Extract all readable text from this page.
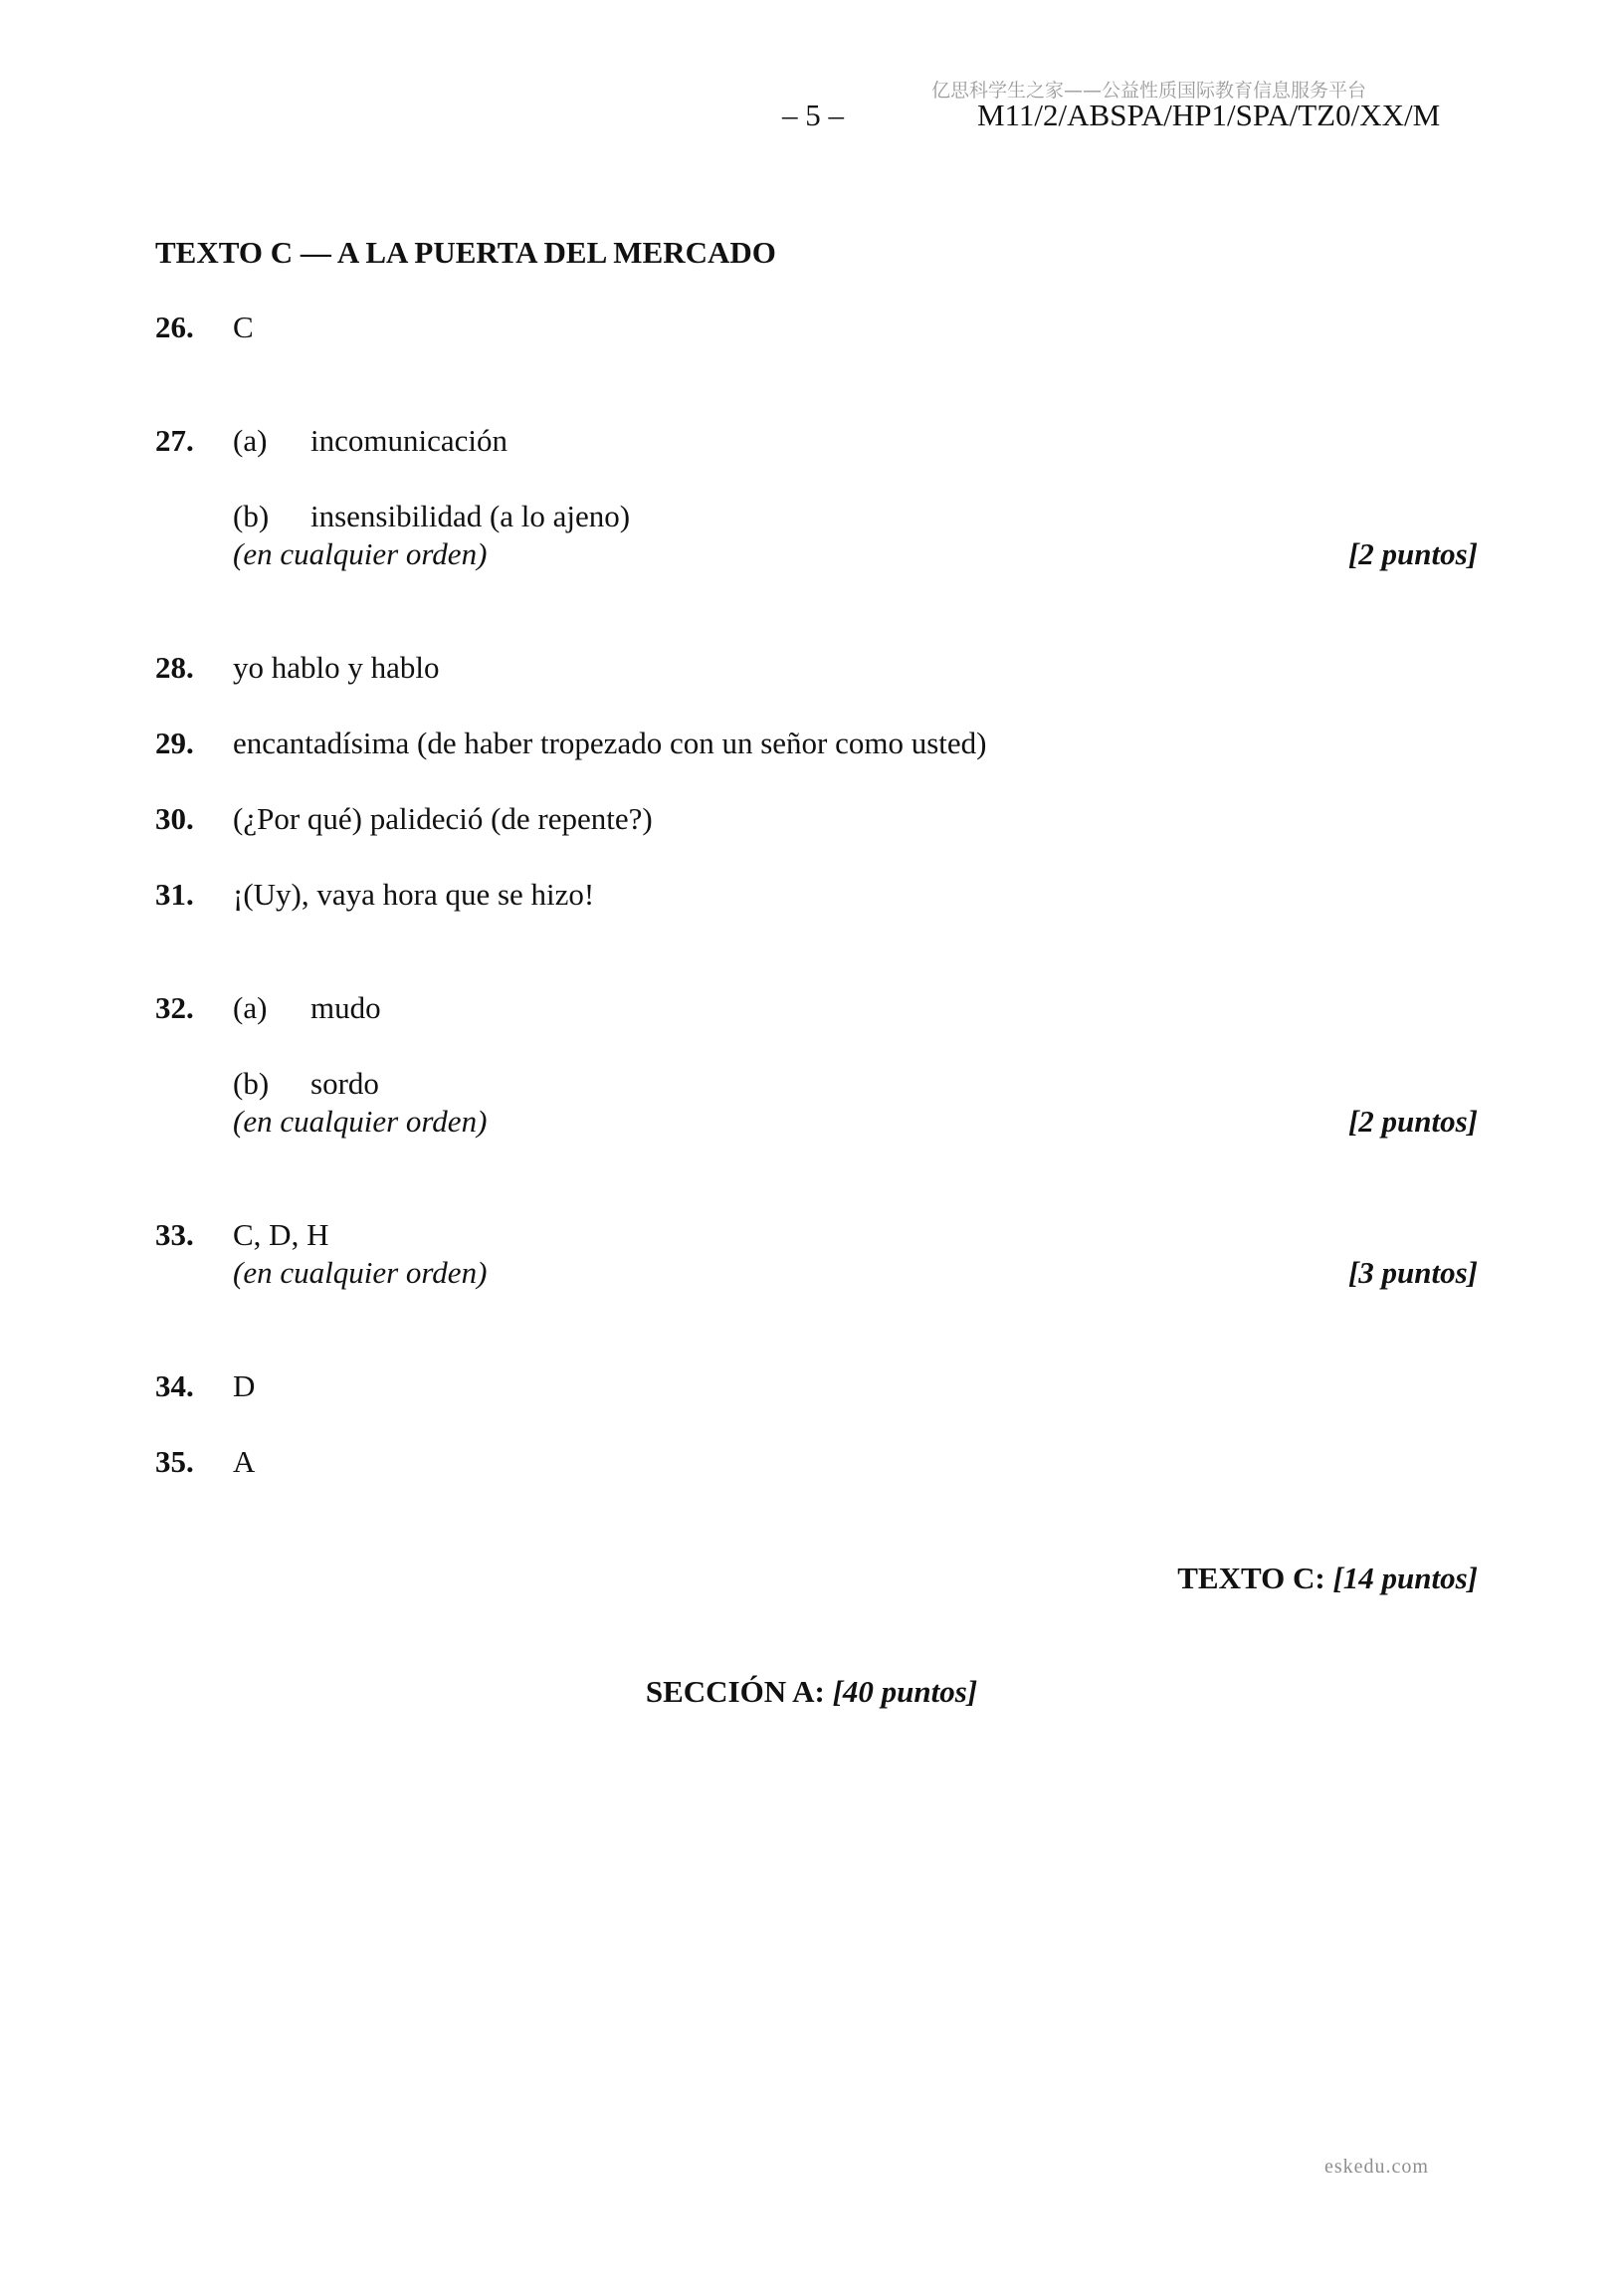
亿思科学生之家——公益性质国际教育信息服务平台
– 5 –	M11/2/ABSPA/HP1/SPA/TZ0/XX/M
TEXTO C — A LA PUERTA DEL MERCADO
26. C
27. (a) incomunicación
(b) insensibilidad (a lo ajeno)
(en cualquier orden)	[2 puntos]
28. yo hablo y hablo
29. encantadísima (de haber tropezado con un señor como usted)
30. (¿Por qué) palideció (de repente?)
31. ¡(Uy), vaya hora que se hizo!
32. (a) mudo
(b) sordo
(en cualquier orden)	[2 puntos]
33. C, D, H
(en cualquier orden)	[3 puntos]
34. D
35. A
TEXTO C: [14 puntos]
SECCIÓN A: [40 puntos]
eskedu.com
